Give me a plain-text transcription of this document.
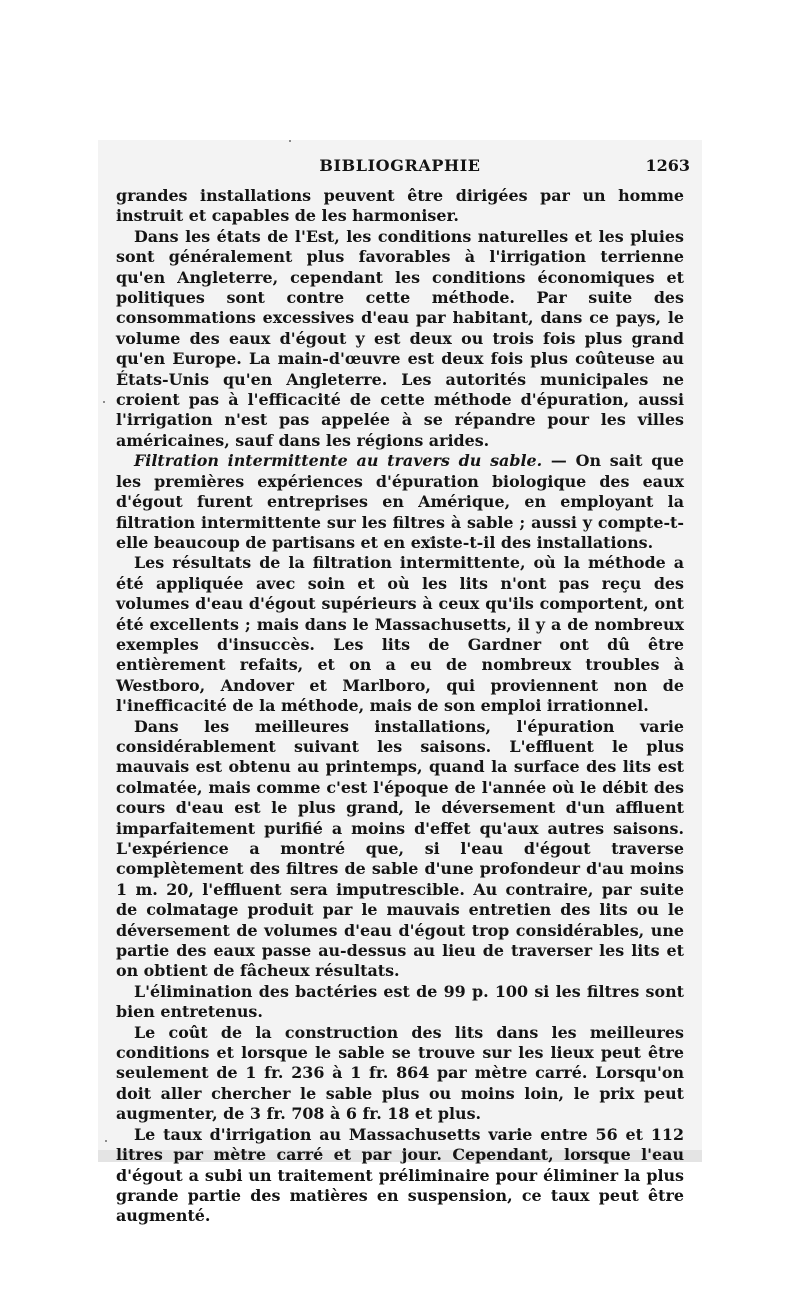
BIBLIOGRAPHIE	1263

grandes installations peuvent être dirigées par un homme instruit et capables de les harmoniser.

Dans les états de l'Est, les conditions naturelles et les pluies sont généralement plus favorables à l'irrigation terrienne qu'en Angleterre, cependant les conditions économiques et politiques sont contre cette méthode. Par suite des consommations excessives d'eau par habitant, dans ce pays, le volume des eaux d'égout y est deux ou trois fois plus grand qu'en Europe. La main-d'œuvre est deux fois plus coûteuse au États-Unis qu'en Angleterre. Les autorités municipales ne croient pas à l'efficacité de cette méthode d'épuration, aussi l'irrigation n'est pas appelée à se répandre pour les villes américaines, sauf dans les régions arides.

Filtration intermittente au travers du sable. — On sait que les premières expériences d'épuration biologique des eaux d'égout furent entreprises en Amérique, en employant la filtration intermittente sur les filtres à sable ; aussi y compte-t-elle beaucoup de partisans et en existe-t-il des installations.

Les résultats de la filtration intermittente, où la méthode a été appliquée avec soin et où les lits n'ont pas reçu des volumes d'eau d'égout supérieurs à ceux qu'ils comportent, ont été excellents ; mais dans le Massachusetts, il y a de nombreux exemples d'insuccès. Les lits de Gardner ont dû être entièrement refaits, et on a eu de nombreux troubles à Westboro, Andover et Marlboro, qui proviennent non de l'inefficacité de la méthode, mais de son emploi irrationnel.

Dans les meilleures installations, l'épuration varie considérablement suivant les saisons. L'effluent le plus mauvais est obtenu au printemps, quand la surface des lits est colmatée, mais comme c'est l'époque de l'année où le débit des cours d'eau est le plus grand, le déversement d'un affluent imparfaitement purifié a moins d'effet qu'aux autres saisons. L'expérience a montré que, si l'eau d'égout traverse complètement des filtres de sable d'une profondeur d'au moins 1 m. 20, l'effluent sera imputrescible. Au contraire, par suite de colmatage produit par le mauvais entretien des lits ou le déversement de volumes d'eau d'égout trop considérables, une partie des eaux passe au-dessus au lieu de traverser les lits et on obtient de fâcheux résultats.

L'élimination des bactéries est de 99 p. 100 si les filtres sont bien entretenus.

Le coût de la construction des lits dans les meilleures conditions et lorsque le sable se trouve sur les lieux peut être seulement de 1 fr. 236 à 1 fr. 864 par mètre carré. Lorsqu'on doit aller chercher le sable plus ou moins loin, le prix peut augmenter, de 3 fr. 708 à 6 fr. 18 et plus.

Le taux d'irrigation au Massachusetts varie entre 56 et 112 litres par mètre carré et par jour. Cependant, lorsque l'eau d'égout a subi un traitement préliminaire pour éliminer la plus grande partie des matières en suspension, ce taux peut être augmenté.
